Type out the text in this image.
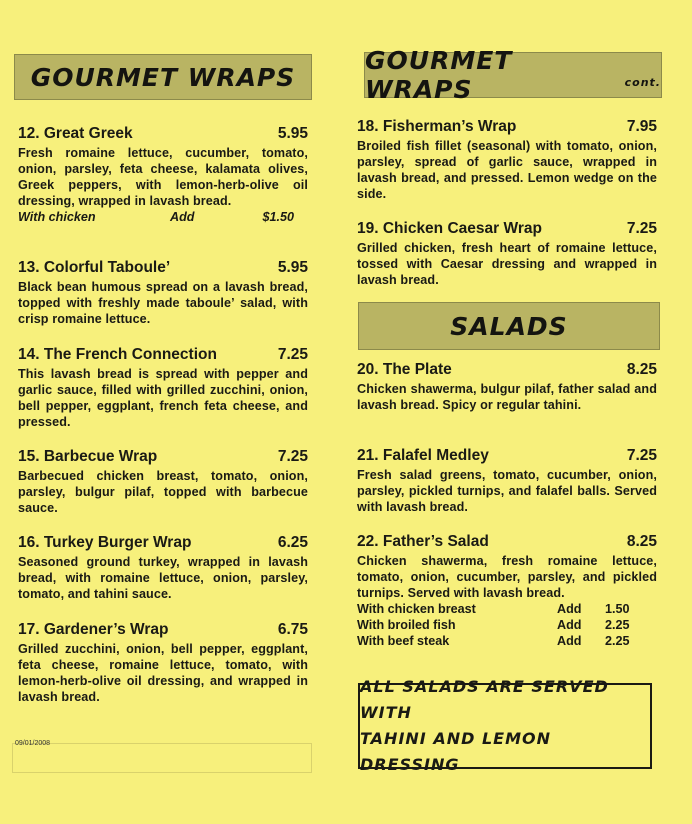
GOURMET WRAPS
12. Great Greek	5.95
Fresh romaine lettuce, cucumber, tomato, onion, parsley, feta cheese, kalamata olives, Greek peppers, with lemon-herb-olive oil dressing, wrapped in lavash bread.
With chicken	Add	$1.50
13. Colorful Taboule’	5.95
Black bean humous spread on a lavash bread, topped with freshly made taboule’ salad, with crisp romaine lettuce.
14. The French Connection	7.25
This lavash bread is spread with pepper and garlic sauce, filled with grilled zucchini, onion, bell pepper, eggplant, french feta cheese, and pressed.
15. Barbecue Wrap	7.25
Barbecued chicken breast, tomato, onion, parsley, bulgur pilaf, topped with barbecue sauce.
16. Turkey Burger Wrap	6.25
Seasoned ground turkey, wrapped in lavash bread, with romaine lettuce, onion, parsley, tomato, and tahini sauce.
17. Gardener’s Wrap	6.75
Grilled zucchini, onion, bell pepper, eggplant, feta cheese, romaine lettuce, tomato, with lemon-herb-olive oil dressing, and wrapped in lavash bread.
09/01/2008
GOURMET WRAPS	cont.
18. Fisherman’s Wrap	7.95
Broiled fish fillet (seasonal) with tomato, onion, parsley, spread of garlic sauce, wrapped in lavash bread, and pressed. Lemon wedge on the side.
19. Chicken Caesar Wrap	7.25
Grilled chicken, fresh heart of romaine lettuce, tossed with Caesar dressing and wrapped in lavash bread.
SALADS
20. The Plate	8.25
Chicken shawerma, bulgur pilaf, father salad and lavash bread. Spicy or regular tahini.
21. Falafel Medley	7.25
Fresh salad greens, tomato, cucumber, onion, parsley, pickled turnips, and falafel balls. Served with lavash bread.
22. Father’s Salad	8.25
Chicken shawerma, fresh romaine lettuce, tomato, onion, cucumber, parsley, and pickled turnips. Served with lavash bread.
With chicken breast	Add	1.50
With broiled fish	Add	2.25
With beef steak	Add	2.25
ALL SALADS ARE SERVED WITH
TAHINI AND LEMON DRESSING
